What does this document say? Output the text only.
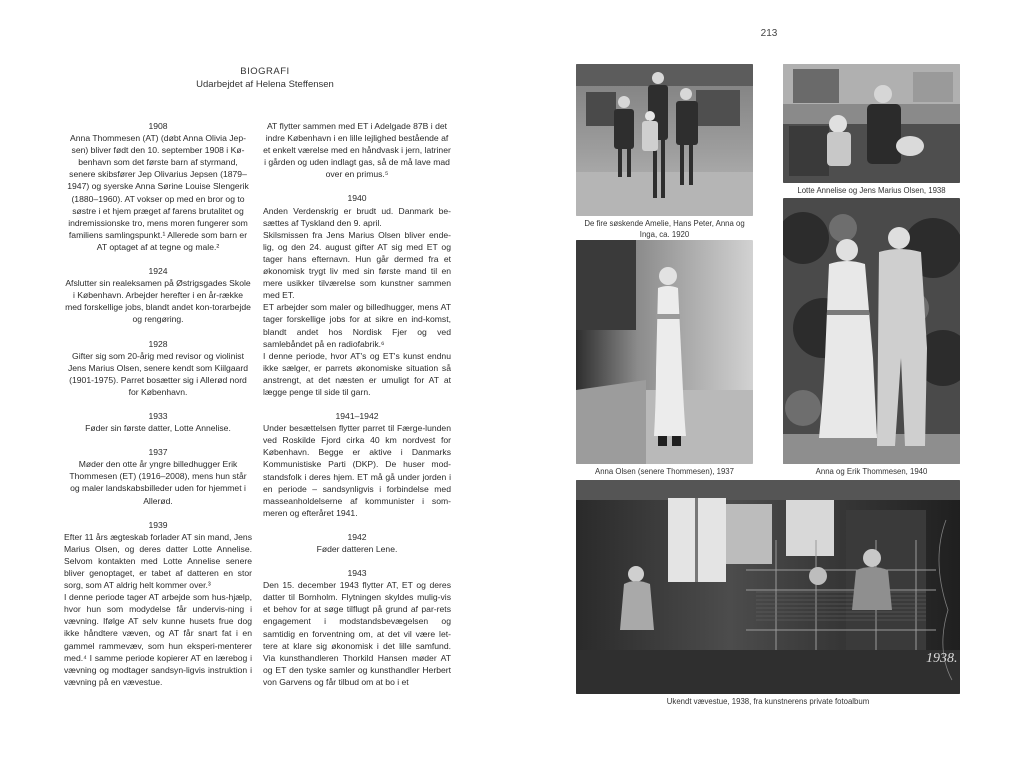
213
BIOGRAFI
Udarbejdet af Helena Steffensen
1908

Anna Thommesen (AT) (døbt Anna Olivia Jep-sen) bliver født den 10. september 1908 i Kø-benhavn som det første barn af styrmand, senere skibsfører Jep Olivarius Jepsen (1879–1947) og syerske Anna Sørine Louise Slengerik (1880–1960). AT vokser op med en bror og to søstre i et hjem præget af farens brutalitet og indremissionske tro, mens moren fungerer som familiens samlingspunkt.¹ Allerede som barn er AT optaget af at tegne og male.²

1924

Afslutter sin realeksamen på Østrigsgades Skole i København. Arbejder herefter i en år-række med forskellige jobs, blandt andet kon-torarbejde og rengøring.

1928

Gifter sig som 20-årig med revisor og violinist Jens Marius Olsen, senere kendt som Kiilgaard (1901-1975). Parret bosætter sig i Allerød nord for København.

1933

Føder sin første datter, Lotte Annelise.

1937

Møder den otte år yngre billedhugger Erik Thommesen (ET) (1916–2008), mens hun står og maler landskabsbilleder uden for hjemmet i Allerød.

1939

Efter 11 års ægteskab forlader AT sin mand, Jens Marius Olsen, og deres datter Lotte Annelise. Selvom kontakten med Lotte Annelise senere bliver genoptaget, er tabet af datteren en stor sorg, som AT aldrig helt kommer over.³

I denne periode tager AT arbejde som hus-hjælp, hvor hun som modydelse får undervis-ning i vævning. Ifølge AT selv kunne husets frue dog ikke håndtere væven, og AT får snart fat i en gammel rammevæv, som hun eksperi-menterer med.⁴ I samme periode kopierer AT en lærebog i vævning og modtager sandsyn-ligvis instruktion i vævning på en vævestue.

AT flytter sammen med ET i Adelgade 87B i det indre København i en lille lejlighed bestående af et enkelt værelse med en håndvask i jern, latriner i gården og uden indlagt gas, så de må lave mad over en primus.⁵

1940

Anden Verdenskrig er brudt ud. Danmark be-sættes af Tyskland den 9. april.

Skilsmissen fra Jens Marius Olsen bliver ende-lig, og den 24. august gifter AT sig med ET og tager hans efternavn. Hun går dermed fra et økonomisk trygt liv med sin første mand til en mere usikker tilværelse som kunstner sammen med ET.

ET arbejder som maler og billedhugger, mens AT tager forskellige jobs for at sikre en ind-komst, blandt andet hos Nordisk Fjer og ved samlebåndet på en radiofabrik.⁶

I denne periode, hvor AT's og ET's kunst endnu ikke sælger, er parrets økonomiske situation så anstrengt, at det næsten er umuligt for AT at lægge penge til side til garn.

1941–1942

Under besættelsen flytter parret til Færge-lunden ved Roskilde Fjord cirka 40 km nordvest for København. Begge er aktive i Danmarks Kommunistiske Parti (DKP). De huser mod-standsfolk i deres hjem. ET må gå under jorden i en periode – sandsynligvis i forbindelse med masseanholdelserne af kommunister i som-meren og efteråret 1941.

1942

Føder datteren Lene.

1943

Den 15. december 1943 flytter AT, ET og deres datter til Bornholm. Flytningen skyldes mulig-vis et behov for at søge tilflugt på grund af par-rets engagement i modstandsbevægelsen og samtidig en forventning om, at det vil være let-tere at klare sig økonomisk i det lille samfund. Via kunsthandleren Thorkild Hansen møder AT og ET den tyske samler og kunsthandler Herbert von Garvens og får tilbud om at bo i et

De fire søskende Amelie, Hans Peter, Anna og Inga, ca. 1920
Lotte Annelise og Jens Marius Olsen, 1938
Anna Olsen (senere Thommesen), 1937	Anna og Erik Thommesen, 1940
1938.
Ukendt vævestue, 1938, fra kunstnerens private fotoalbum
